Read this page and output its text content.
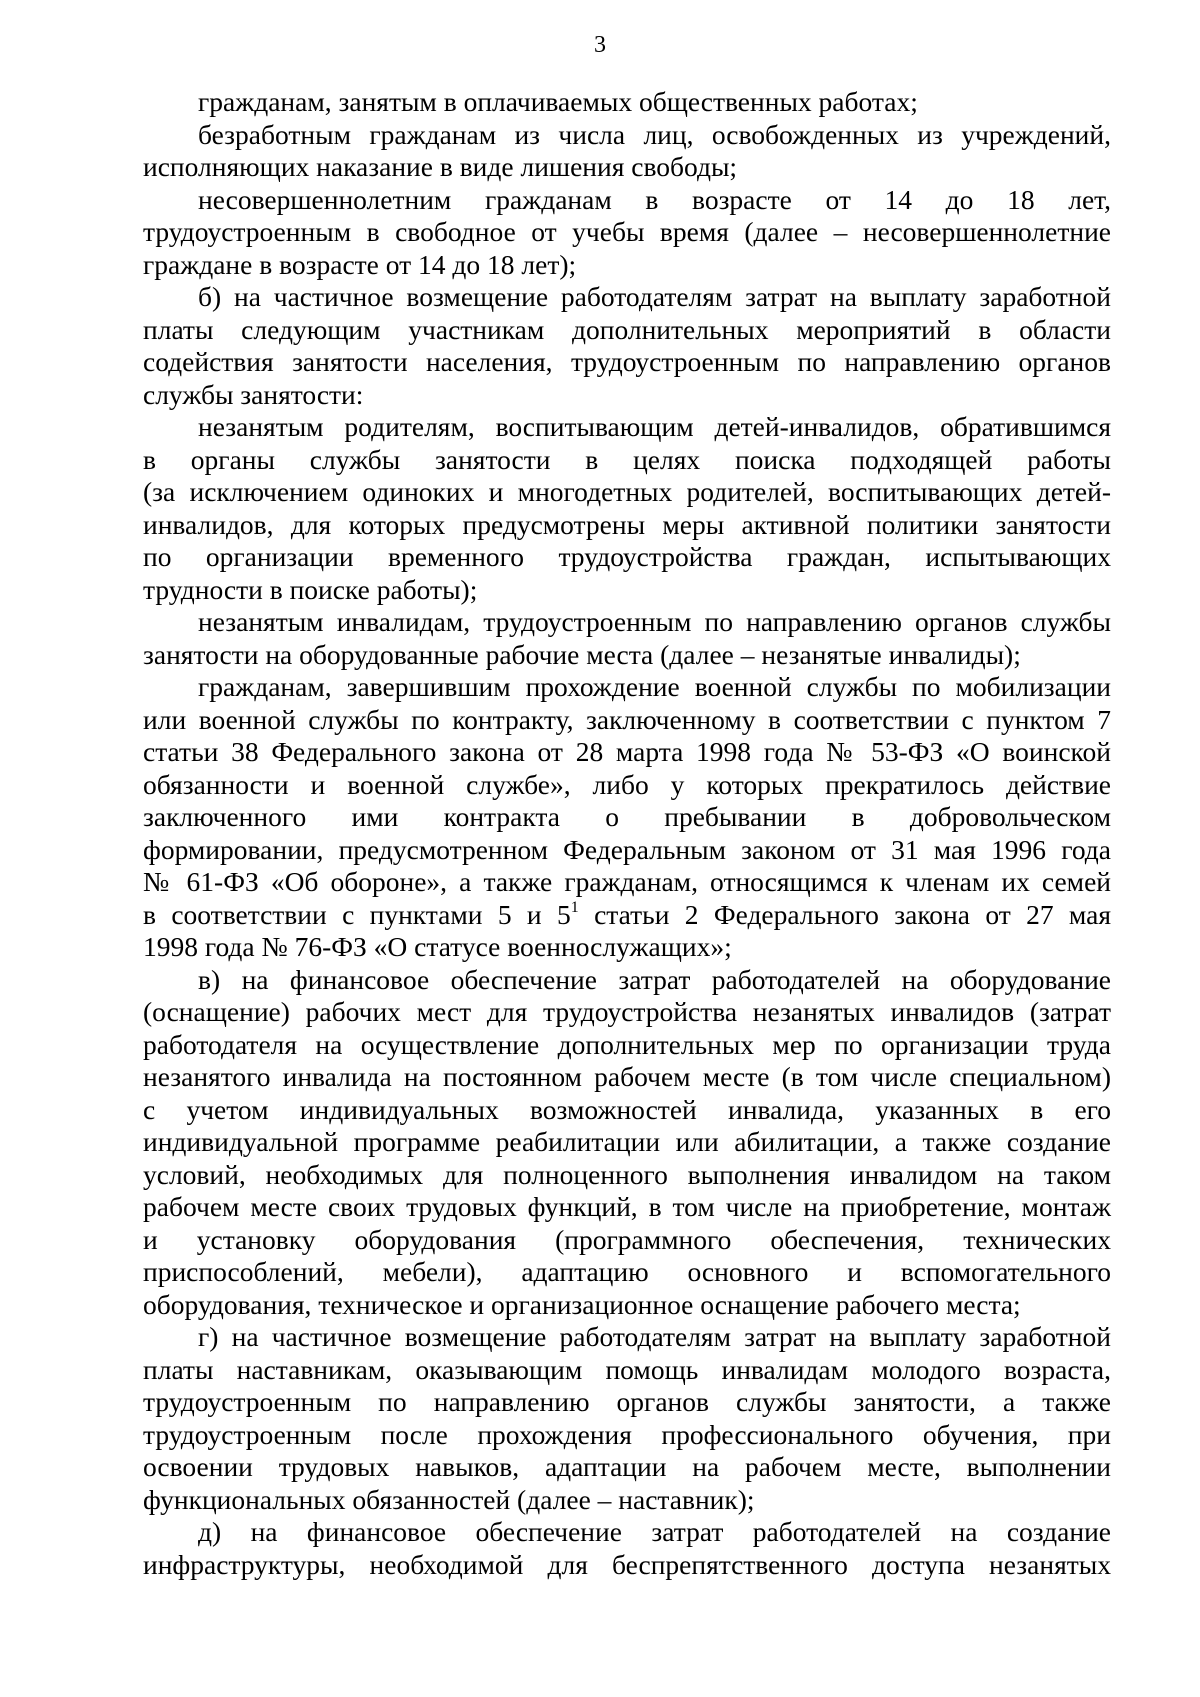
3
гражданам, занятым в оплачиваемых общественных работах;
безработным гражданам из числа лиц, освобожденных из учреждений,
исполняющих наказание в виде лишения свободы;
несовершеннолетним гражданам в возрасте от 14 до 18 лет,
трудоустроенным в свободное от учебы время (далее – несовершеннолетние
граждане в возрасте от 14 до 18 лет);
б) на частичное возмещение работодателям затрат на выплату заработной
платы следующим участникам дополнительных мероприятий в области
содействия занятости населения, трудоустроенным по направлению органов
службы занятости:
незанятым родителям, воспитывающим детей-инвалидов, обратившимся
в органы службы занятости в целях поиска подходящей работы
(за исключением одиноких и многодетных родителей, воспитывающих детей-
инвалидов, для которых предусмотрены меры активной политики занятости
по организации временного трудоустройства граждан, испытывающих
трудности в поиске работы);
незанятым инвалидам, трудоустроенным по направлению органов службы
занятости на оборудованные рабочие места (далее – незанятые инвалиды);
гражданам, завершившим прохождение военной службы по мобилизации
или военной службы по контракту, заключенному в соответствии с пунктом 7
статьи 38 Федерального закона от 28 марта 1998 года № 53-ФЗ «О воинской
обязанности и военной службе», либо у которых прекратилось действие
заключенного ими контракта о пребывании в добровольческом
формировании, предусмотренном Федеральным законом от 31 мая 1996 года
№ 61-ФЗ «Об обороне», а также гражданам, относящимся к членам их семей
в соответствии с пунктами 5 и $5^1$ статьи 2 Федерального закона от 27 мая
1998 года № 76-ФЗ «О статусе военнослужащих»;
в) на финансовое обеспечение затрат работодателей на оборудование
(оснащение) рабочих мест для трудоустройства незанятых инвалидов (затрат
работодателя на осуществление дополнительных мер по организации труда
незанятого инвалида на постоянном рабочем месте (в том числе специальном)
с учетом индивидуальных возможностей инвалида, указанных в его
индивидуальной программе реабилитации или абилитации, а также создание
условий, необходимых для полноценного выполнения инвалидом на таком
рабочем месте своих трудовых функций, в том числе на приобретение, монтаж
и установку оборудования (программного обеспечения, технических
приспособлений, мебели), адаптацию основного и вспомогательного
оборудования, техническое и организационное оснащение рабочего места;
г) на частичное возмещение работодателям затрат на выплату заработной
платы наставникам, оказывающим помощь инвалидам молодого возраста,
трудоустроенным по направлению органов службы занятости, а также
трудоустроенным после прохождения профессионального обучения, при
освоении трудовых навыков, адаптации на рабочем месте, выполнении
функциональных обязанностей (далее – наставник);
д) на финансовое обеспечение затрат работодателей на создание
инфраструктуры, необходимой для беспрепятственного доступа незанятых
